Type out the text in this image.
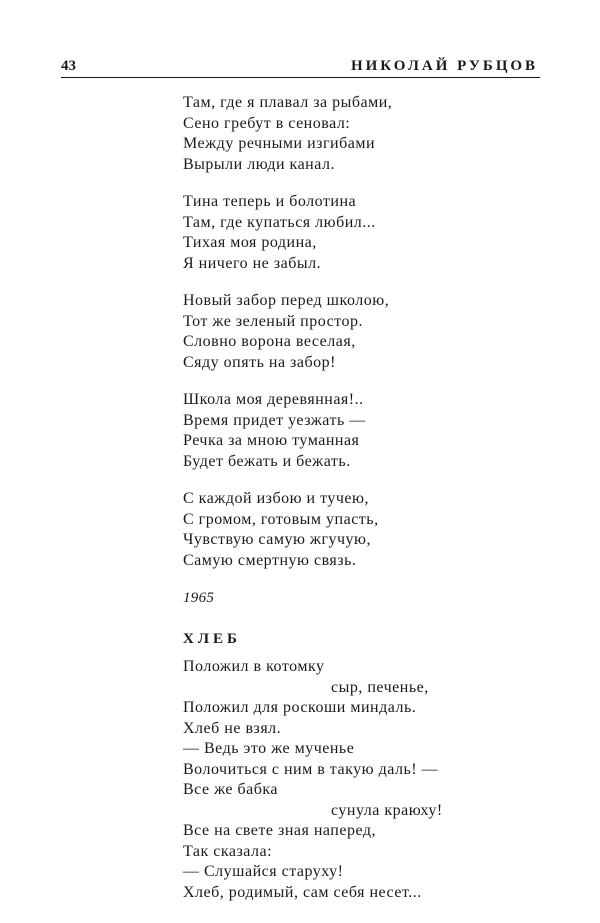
43	НИКОЛАЙ РУБЦОВ
Там, где я плавал за рыбами,
Сено гребут в сеновал:
Между речными изгибами
Вырыли люди канал.
Тина теперь и болотина
Там, где купаться любил...
Тихая моя родина,
Я ничего не забыл.
Новый забор перед школою,
Тот же зеленый простор.
Словно ворона веселая,
Сяду опять на забор!
Школа моя деревянная!..
Время придет уезжать —
Речка за мною туманная
Будет бежать и бежать.
С каждой избою и тучею,
С громом, готовым упасть,
Чувствую самую жгучую,
Самую смертную связь.
1965
ХЛЕБ
Положил в котомку
сыр, печенье,
Положил для роскоши миндаль.
Хлеб не взял.
— Ведь это же мученье
Волочиться с ним в такую даль! —
Все же бабка
сунула краюху!
Все на свете зная наперед,
Так сказала:
— Слушайся старуху!
Хлеб, родимый, сам себя несет...
